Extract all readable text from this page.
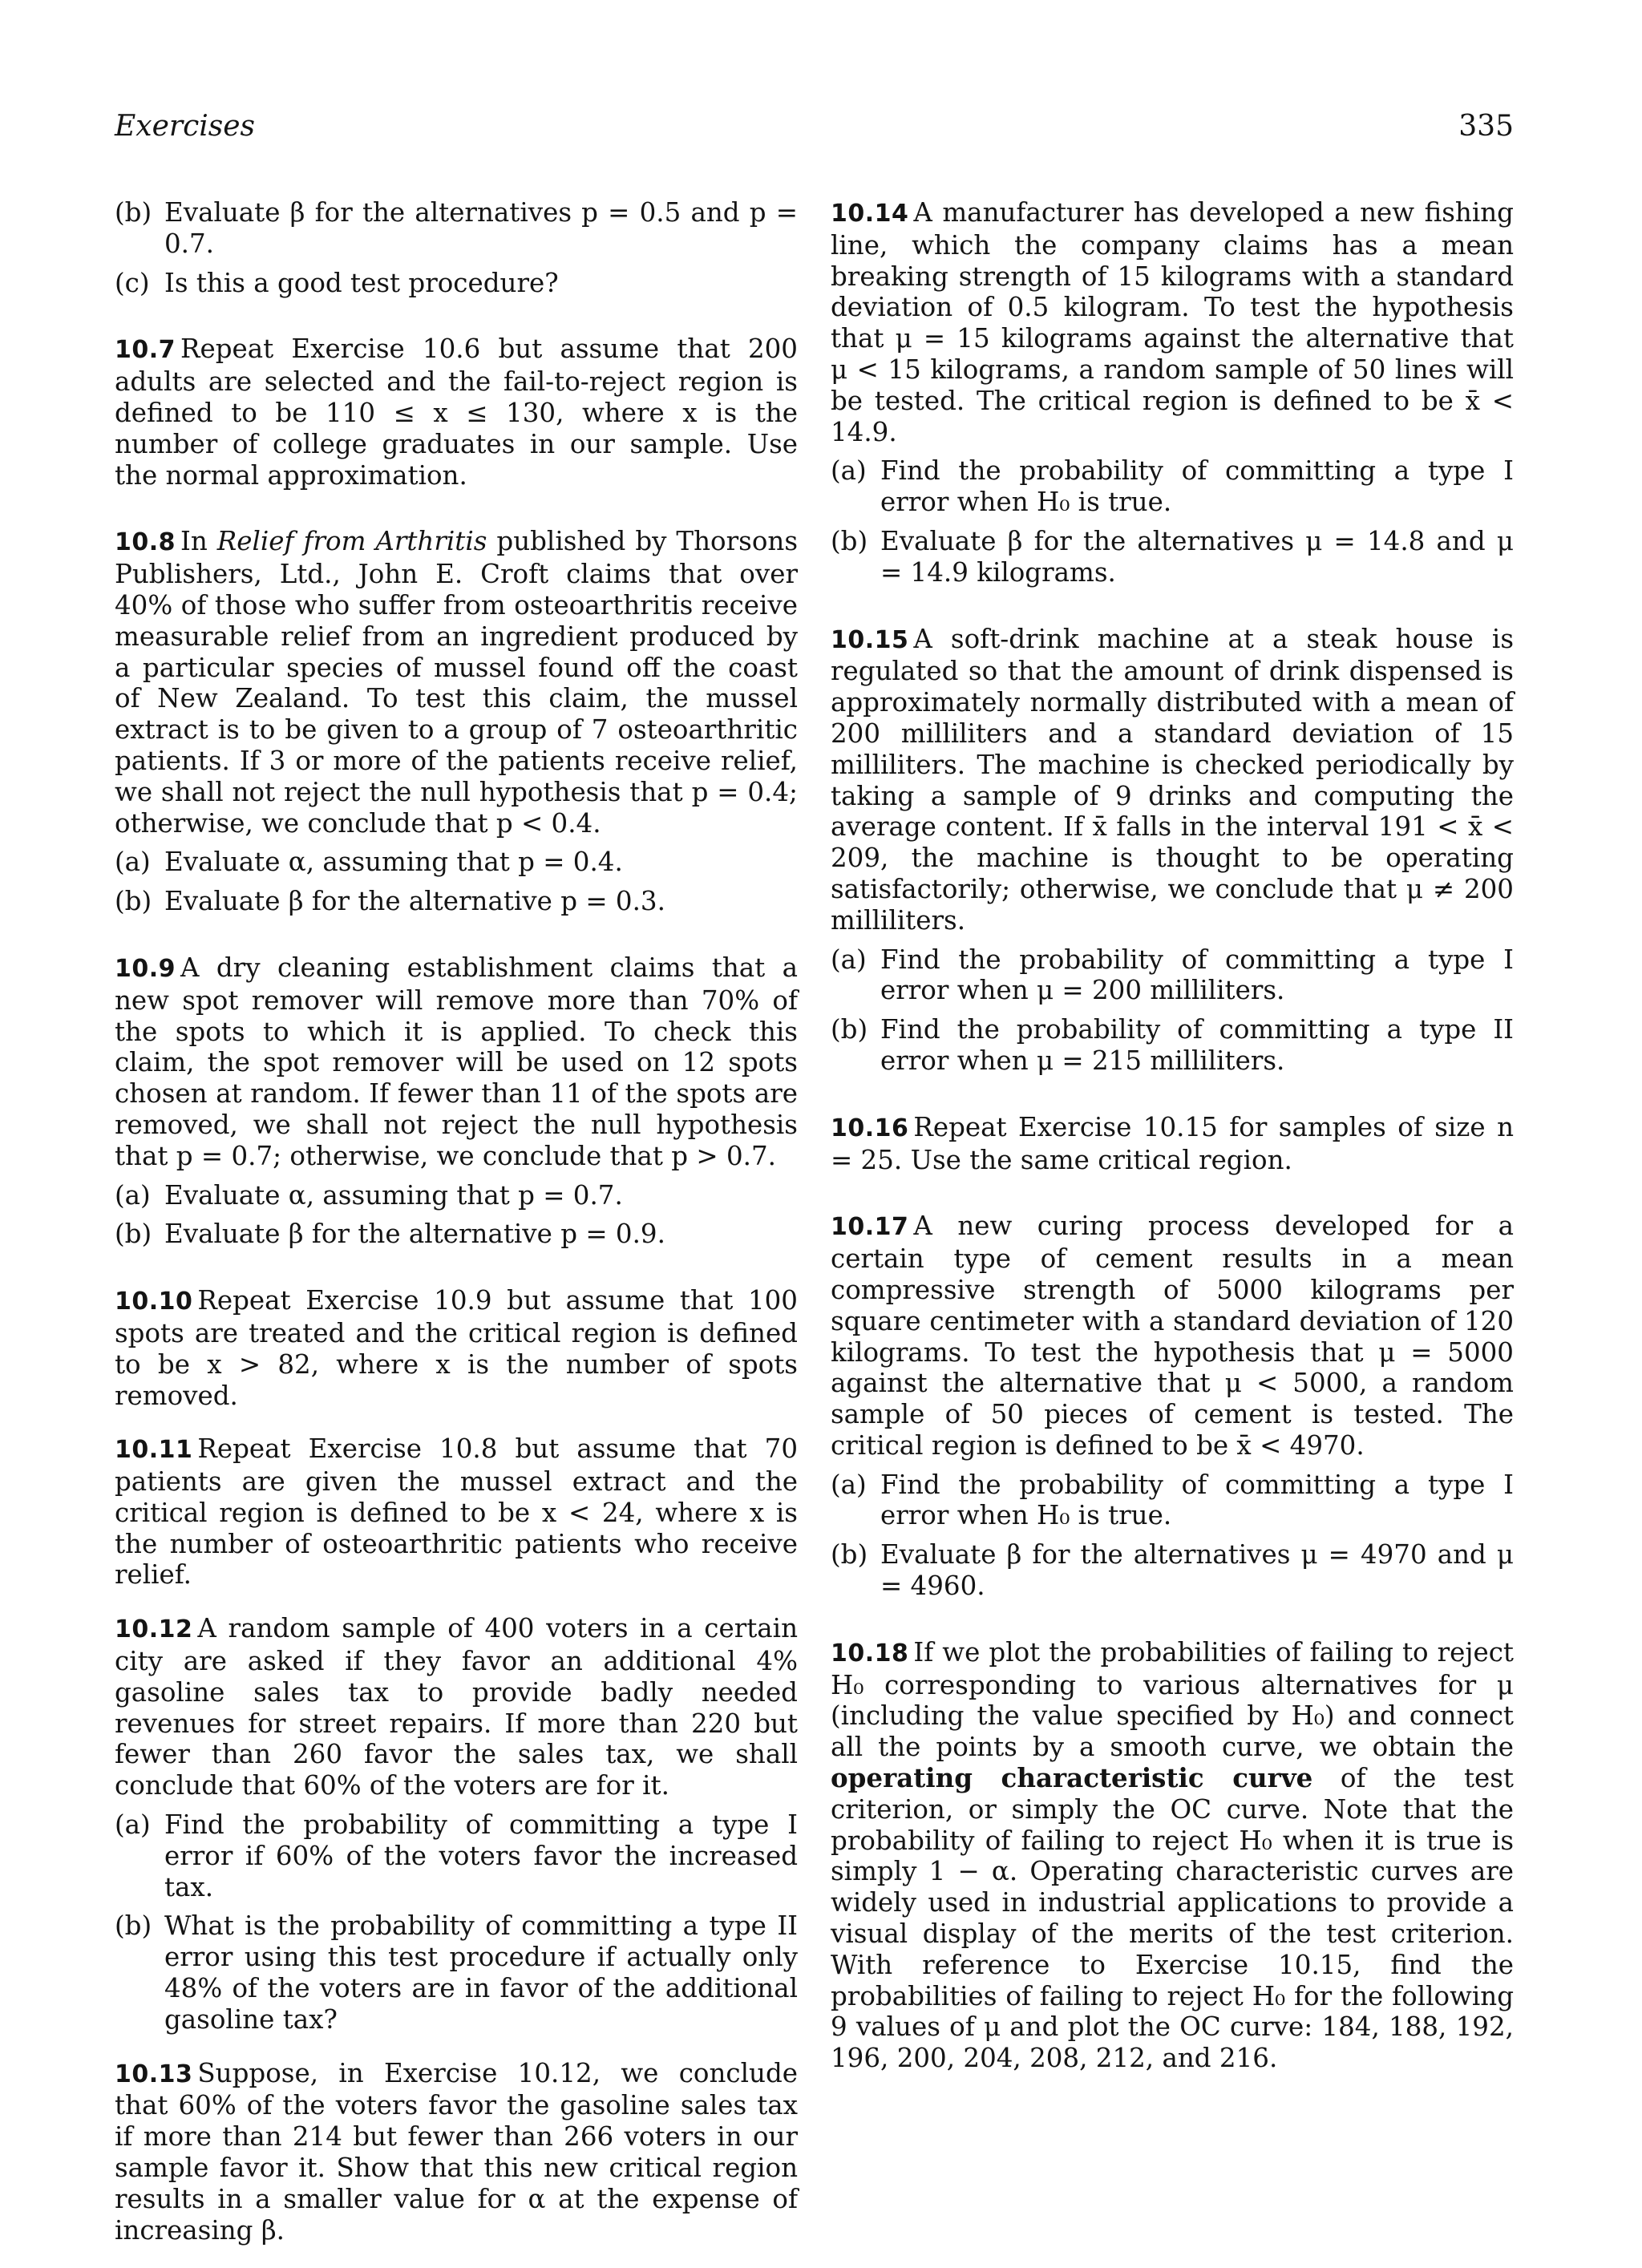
Exercises	335
(b) Evaluate β for the alternatives p = 0.5 and p = 0.7.
(c) Is this a good test procedure?

10.7 Repeat Exercise 10.6 but assume that 200 adults are selected and the fail-to-reject region is defined to be 110 ≤ x ≤ 130, where x is the number of college graduates in our sample. Use the normal approximation.

10.8 In Relief from Arthritis published by Thorsons Publishers, Ltd., John E. Croft claims that over 40% of those who suffer from osteoarthritis receive measurable relief from an ingredient produced by a particular species of mussel found off the coast of New Zealand. To test this claim, the mussel extract is to be given to a group of 7 osteoarthritic patients. If 3 or more of the patients receive relief, we shall not reject the null hypothesis that p = 0.4; otherwise, we conclude that p < 0.4.

(a) Evaluate α, assuming that p = 0.4.
(b) Evaluate β for the alternative p = 0.3.

10.9 A dry cleaning establishment claims that a new spot remover will remove more than 70% of the spots to which it is applied. To check this claim, the spot remover will be used on 12 spots chosen at random. If fewer than 11 of the spots are removed, we shall not reject the null hypothesis that p = 0.7; otherwise, we conclude that p > 0.7.

(a) Evaluate α, assuming that p = 0.7.
(b) Evaluate β for the alternative p = 0.9.

10.10 Repeat Exercise 10.9 but assume that 100 spots are treated and the critical region is defined to be x > 82, where x is the number of spots removed.

10.11 Repeat Exercise 10.8 but assume that 70 patients are given the mussel extract and the critical region is defined to be x < 24, where x is the number of osteoarthritic patients who receive relief.

10.12 A random sample of 400 voters in a certain city are asked if they favor an additional 4% gasoline sales tax to provide badly needed revenues for street repairs. If more than 220 but fewer than 260 favor the sales tax, we shall conclude that 60% of the voters are for it.

(a) Find the probability of committing a type I error if 60% of the voters favor the increased tax.
(b) What is the probability of committing a type II error using this test procedure if actually only 48% of the voters are in favor of the additional gasoline tax?

10.13 Suppose, in Exercise 10.12, we conclude that 60% of the voters favor the gasoline sales tax if more than 214 but fewer than 266 voters in our sample favor it. Show that this new critical region results in a smaller value for α at the expense of increasing β.

10.14 A manufacturer has developed a new fishing line, which the company claims has a mean breaking strength of 15 kilograms with a standard deviation of 0.5 kilogram. To test the hypothesis that μ = 15 kilograms against the alternative that μ < 15 kilograms, a random sample of 50 lines will be tested. The critical region is defined to be x̄ < 14.9.

(a) Find the probability of committing a type I error when H₀ is true.
(b) Evaluate β for the alternatives μ = 14.8 and μ = 14.9 kilograms.

10.15 A soft-drink machine at a steak house is regulated so that the amount of drink dispensed is approximately normally distributed with a mean of 200 milliliters and a standard deviation of 15 milliliters. The machine is checked periodically by taking a sample of 9 drinks and computing the average content. If x̄ falls in the interval 191 < x̄ < 209, the machine is thought to be operating satisfactorily; otherwise, we conclude that μ ≠ 200 milliliters.

(a) Find the probability of committing a type I error when μ = 200 milliliters.
(b) Find the probability of committing a type II error when μ = 215 milliliters.

10.16 Repeat Exercise 10.15 for samples of size n = 25. Use the same critical region.

10.17 A new curing process developed for a certain type of cement results in a mean compressive strength of 5000 kilograms per square centimeter with a standard deviation of 120 kilograms. To test the hypothesis that μ = 5000 against the alternative that μ < 5000, a random sample of 50 pieces of cement is tested. The critical region is defined to be x̄ < 4970.

(a) Find the probability of committing a type I error when H₀ is true.
(b) Evaluate β for the alternatives μ = 4970 and μ = 4960.

10.18 If we plot the probabilities of failing to reject H₀ corresponding to various alternatives for μ (including the value specified by H₀) and connect all the points by a smooth curve, we obtain the operating characteristic curve of the test criterion, or simply the OC curve. Note that the probability of failing to reject H₀ when it is true is simply 1 − α. Operating characteristic curves are widely used in industrial applications to provide a visual display of the merits of the test criterion. With reference to Exercise 10.15, find the probabilities of failing to reject H₀ for the following 9 values of μ and plot the OC curve: 184, 188, 192, 196, 200, 204, 208, 212, and 216.
